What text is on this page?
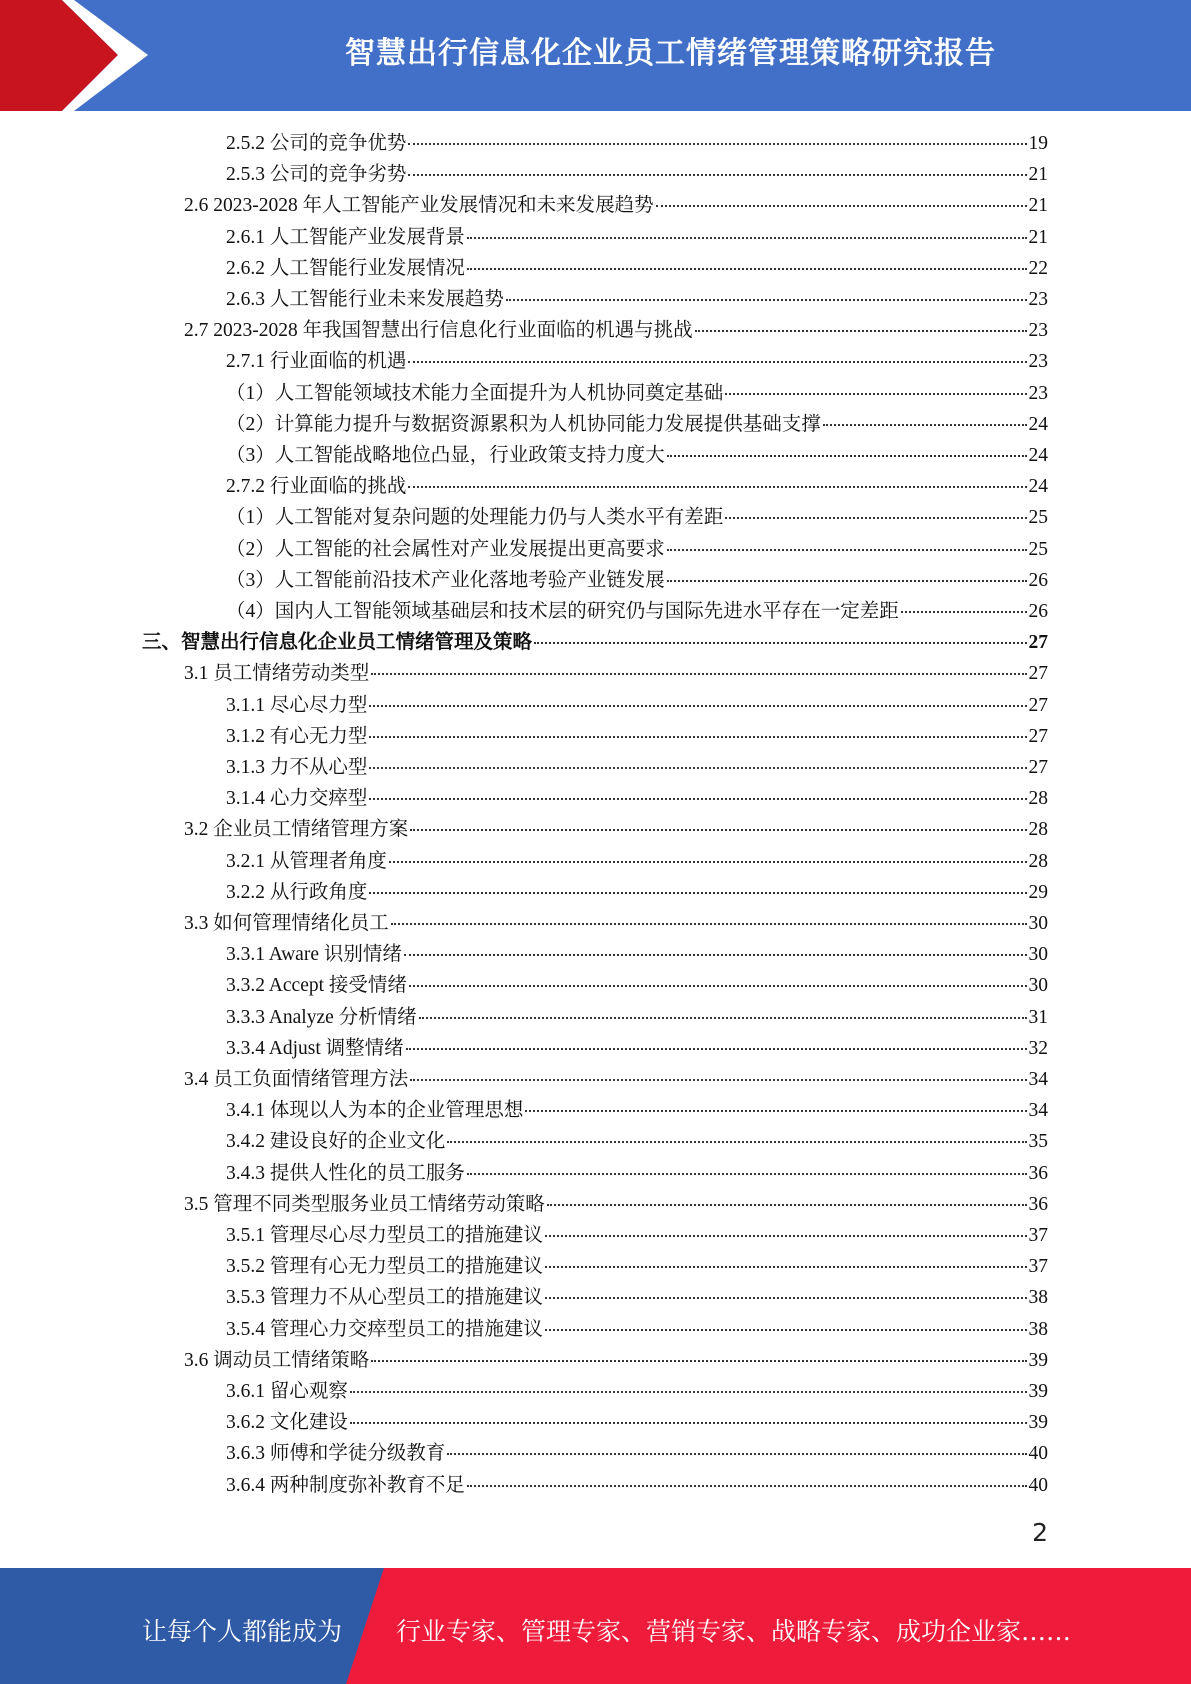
智慧出行信息化企业员工情绪管理策略研究报告
2.5.2 公司的竞争优势	19
2.5.3 公司的竞争劣势	21
2.6 2023-2028 年人工智能产业发展情况和未来发展趋势	21
2.6.1 人工智能产业发展背景	21
2.6.2 人工智能行业发展情况	22
2.6.3 人工智能行业未来发展趋势	23
2.7 2023-2028 年我国智慧出行信息化行业面临的机遇与挑战	23
2.7.1 行业面临的机遇	23
（1）人工智能领域技术能力全面提升为人机协同奠定基础	23
（2）计算能力提升与数据资源累积为人机协同能力发展提供基础支撑	24
（3）人工智能战略地位凸显，行业政策支持力度大	24
2.7.2 行业面临的挑战	24
（1）人工智能对复杂问题的处理能力仍与人类水平有差距	25
（2）人工智能的社会属性对产业发展提出更高要求	25
（3）人工智能前沿技术产业化落地考验产业链发展	26
（4）国内人工智能领域基础层和技术层的研究仍与国际先进水平存在一定差距	26
三、智慧出行信息化企业员工情绪管理及策略	27
3.1 员工情绪劳动类型	27
3.1.1 尽心尽力型	27
3.1.2 有心无力型	27
3.1.3 力不从心型	27
3.1.4 心力交瘁型	28
3.2 企业员工情绪管理方案	28
3.2.1 从管理者角度	28
3.2.2 从行政角度	29
3.3 如何管理情绪化员工	30
3.3.1 Aware 识别情绪	30
3.3.2 Accept 接受情绪	30
3.3.3 Analyze 分析情绪	31
3.3.4 Adjust 调整情绪	32
3.4 员工负面情绪管理方法	34
3.4.1 体现以人为本的企业管理思想	34
3.4.2 建设良好的企业文化	35
3.4.3 提供人性化的员工服务	36
3.5 管理不同类型服务业员工情绪劳动策略	36
3.5.1 管理尽心尽力型员工的措施建议	37
3.5.2 管理有心无力型员工的措施建议	37
3.5.3 管理力不从心型员工的措施建议	38
3.5.4 管理心力交瘁型员工的措施建议	38
3.6 调动员工情绪策略	39
3.6.1 留心观察	39
3.6.2 文化建设	39
3.6.3 师傅和学徒分级教育	40
3.6.4 两种制度弥补教育不足	40
2
让每个人都能成为 行业专家、管理专家、营销专家、战略专家、成功企业家……
